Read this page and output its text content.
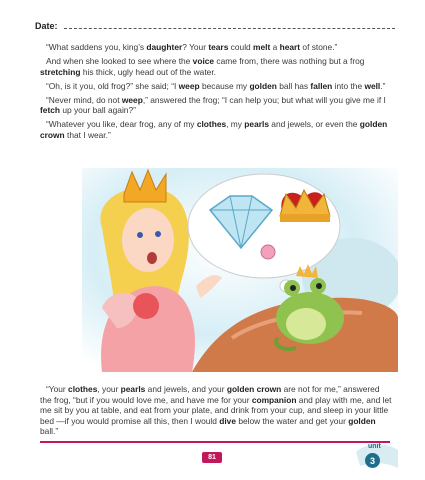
Date:

“What saddens you, king’s daughter? Your tears could melt a heart of stone.”

And when she looked to see where the voice came from, there was nothing but a frog stretching his thick, ugly head out of the water.

“Oh, is it you, old frog?” she said; “I weep because my golden ball has fallen into the well.”

“Never mind, do not weep,” answered the frog; “I can help you; but what will you give me if I fetch up your ball again?”

“Whatever you like, dear frog, any of my clothes, my pearls and jewels, or even the golden crown that I wear.”

“Your clothes, your pearls and jewels, and your golden crown are not for me,” answered the frog, “but if you would love me, and have me for your companion and play with me, and let me sit by you at table, and eat from your plate, and drink from your cup, and sleep in your little bed —if you would promise all this, then I would dive below the water and get your golden ball.”

81
unit
3
